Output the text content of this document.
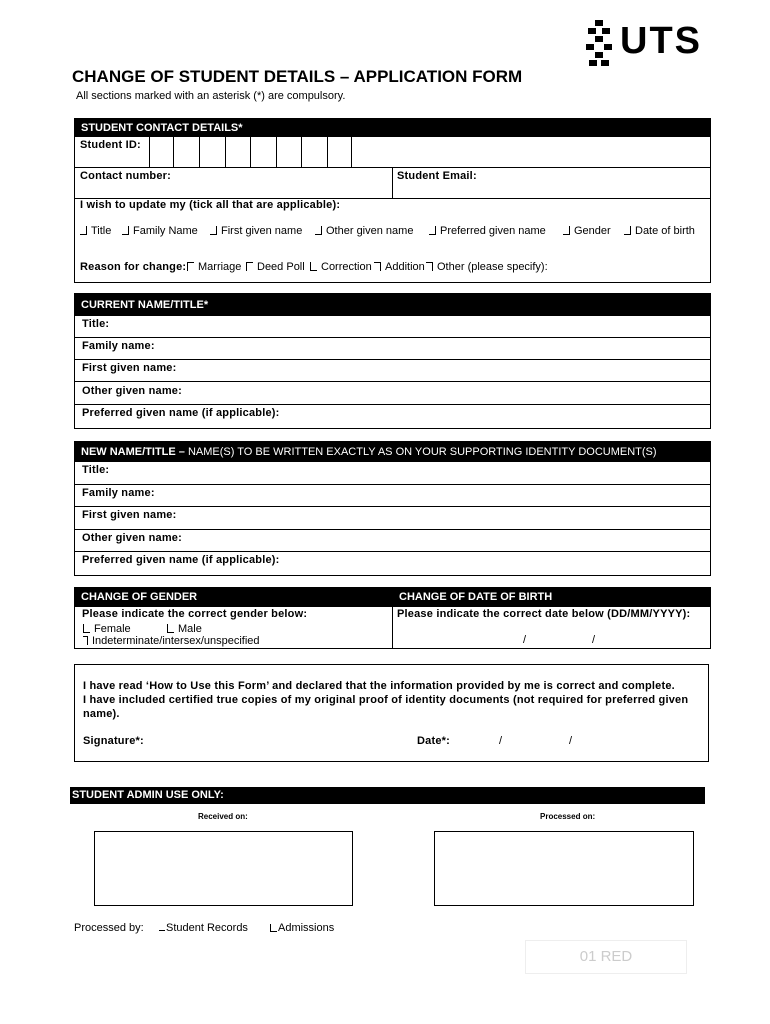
UTS
CHANGE OF STUDENT DETAILS – APPLICATION FORM
All sections marked with an asterisk (*) are compulsory.
STUDENT CONTACT DETAILS*
Student ID:
Contact number:	Student Email:
I wish to update my (tick all that are applicable):
Title	Family Name	First given name	Other given name	Preferred given name	Gender	Date of birth
Reason for change:	Marriage	Deed Poll	Correction	Addition	Other (please specify):
CURRENT NAME/TITLE*
Title:
Family name:
First given name:
Other given name:
Preferred given name (if applicable):
NEW NAME/TITLE – NAME(S) TO BE WRITTEN EXACTLY AS ON YOUR SUPPORTING IDENTITY DOCUMENT(S)
Title:
Family name:
First given name:
Other given name:
Preferred given name (if applicable):
CHANGE OF GENDER	CHANGE OF DATE OF BIRTH
Please indicate the correct gender below:
Female	Male
Indeterminate/intersex/unspecified
Please indicate the correct date below (DD/MM/YYYY):
/	/
I have read ‘How to Use this Form’ and declared that the information provided by me is correct and complete.
I have included certified true copies of my original proof of identity documents (not required for preferred given name).
Signature*:	Date*:	/	/
STUDENT ADMIN USE ONLY:
Received on:	Processed on:
Processed by:	Student Records	Admissions
01 RED
